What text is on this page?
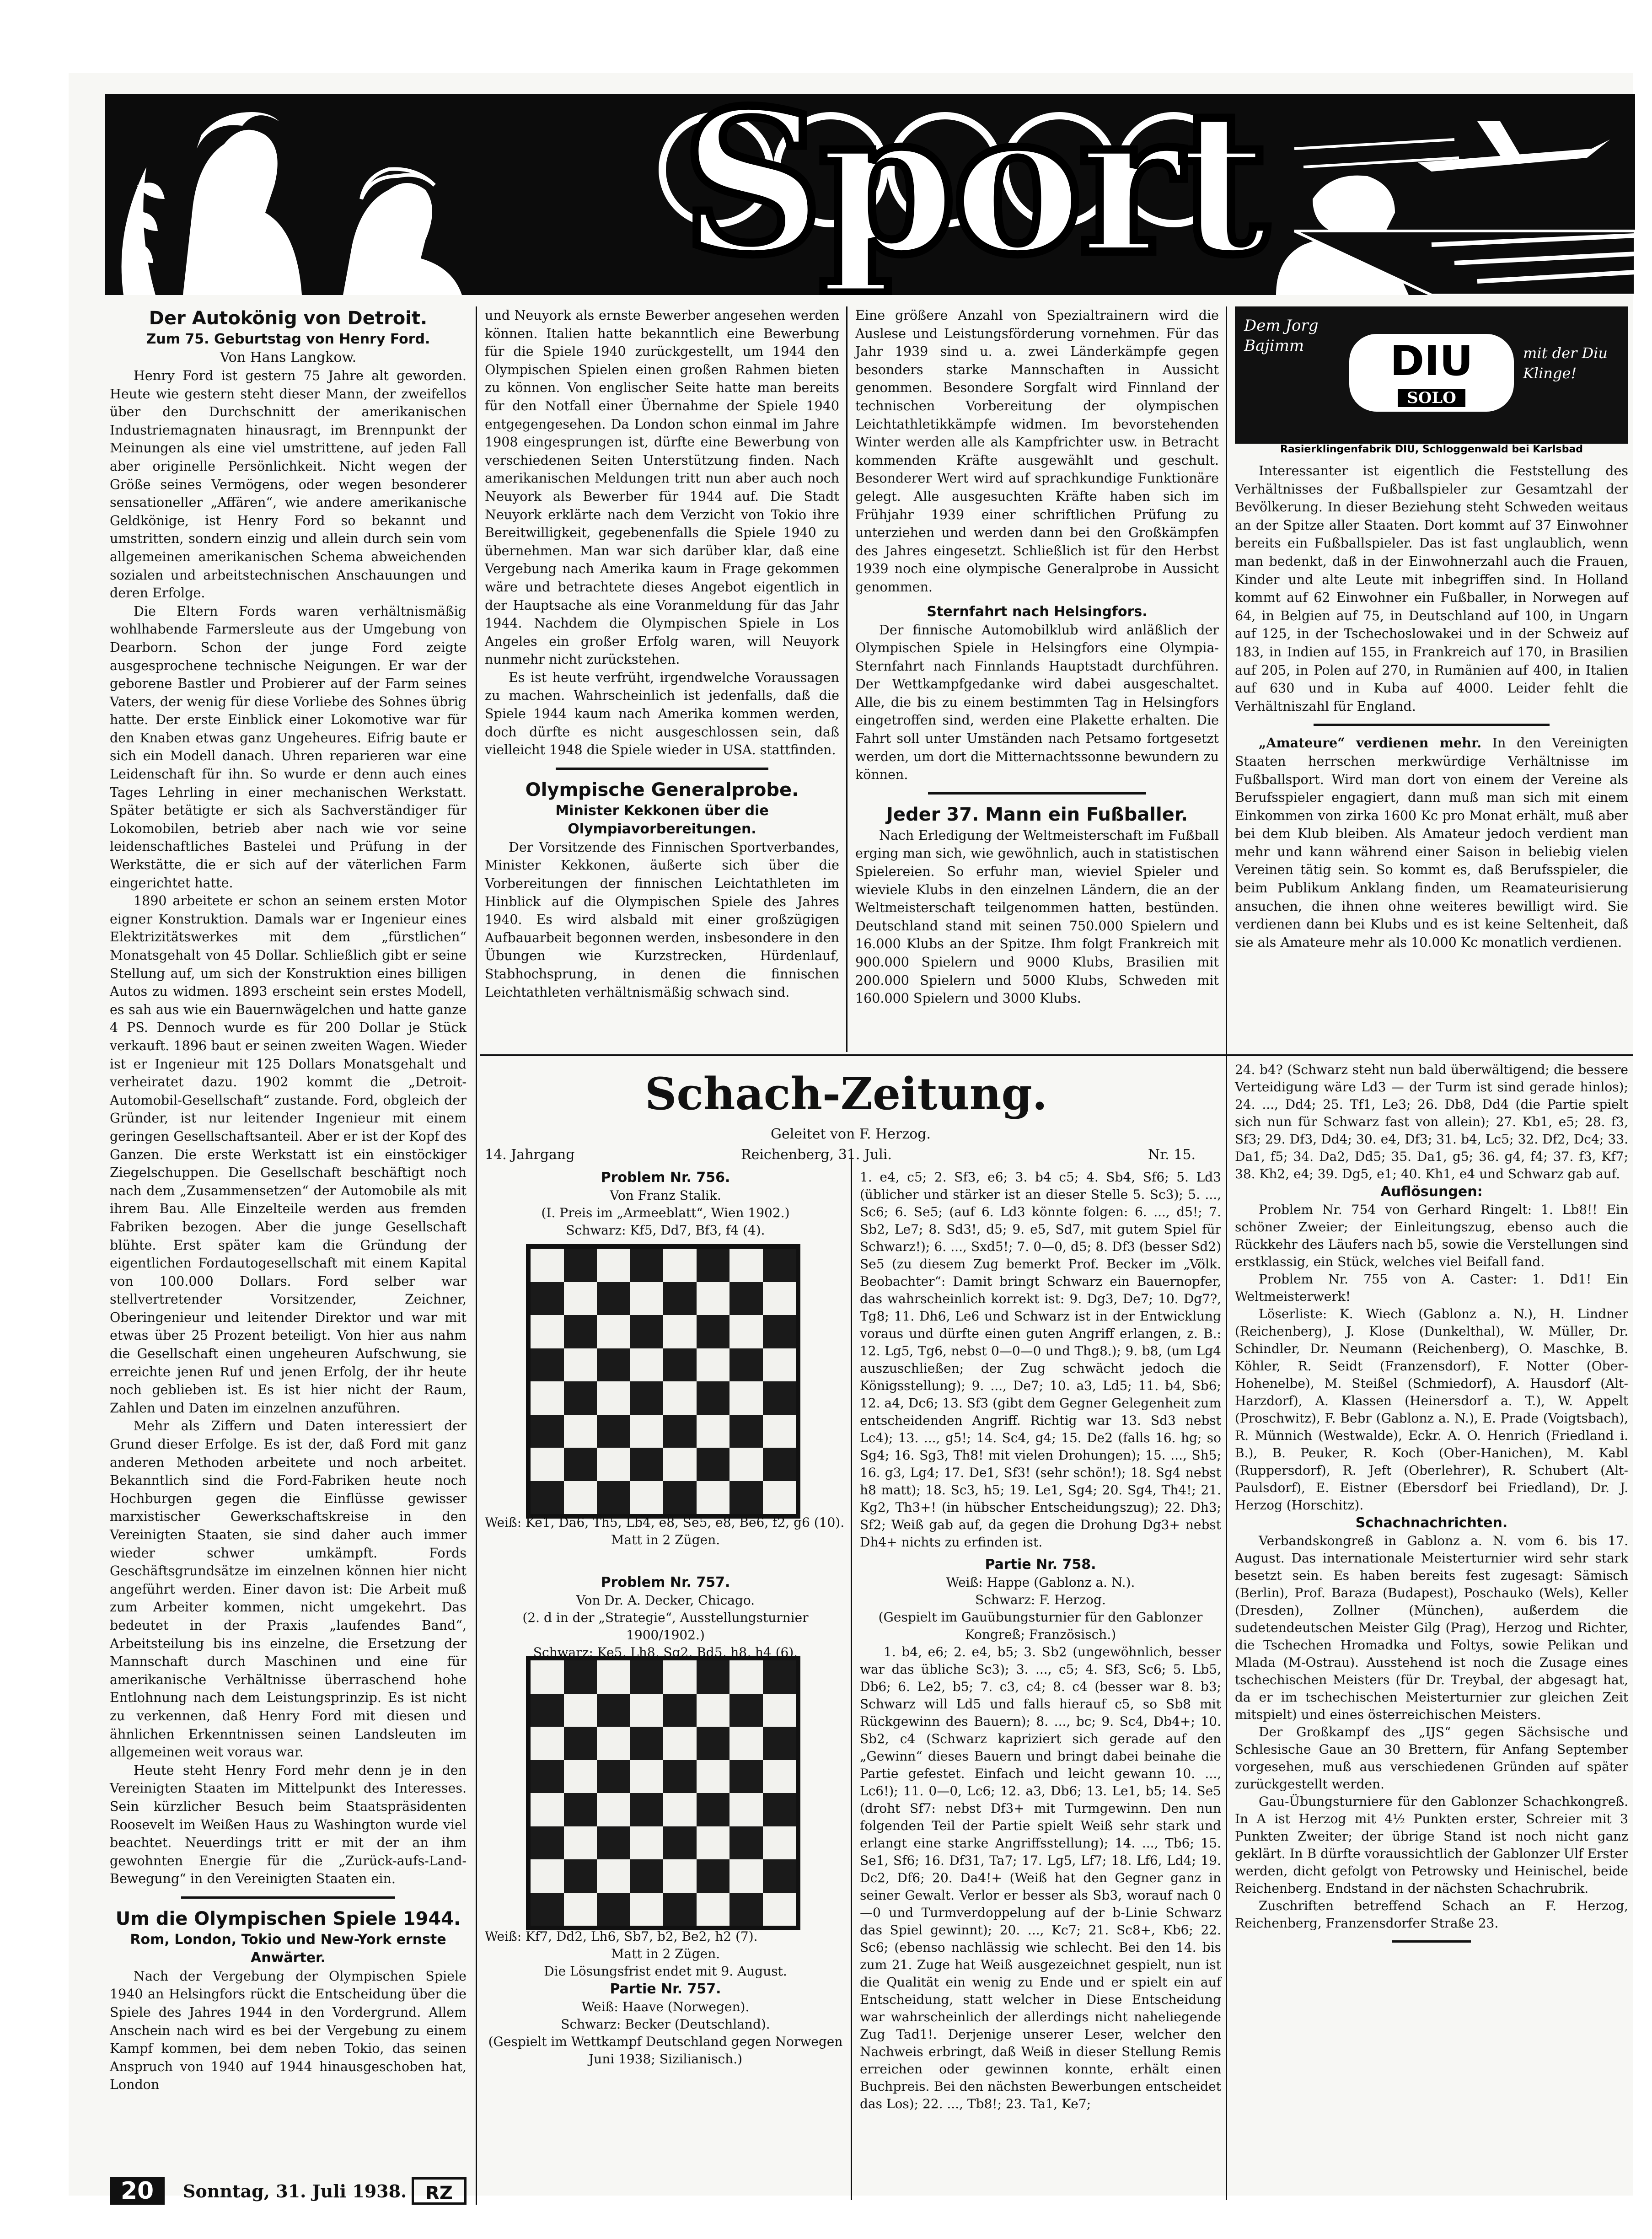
Sport

Der Autokönig von Detroit.

Zum 75. Geburtstag von Henry Ford.

Von Hans Langkow.

Henry Ford ist gestern 75 Jahre alt geworden. Heute wie gestern steht dieser Mann, der zweifellos über den Durchschnitt der amerikanischen Industriemagnaten hinausragt, im Brennpunkt der Meinungen als eine viel umstrittene, auf jeden Fall aber originelle Persönlichkeit. Nicht wegen der Größe seines Vermögens, oder wegen besonderer sensationeller „Affären“, wie andere amerikanische Geldkönige, ist Henry Ford so bekannt und umstritten, sondern einzig und allein durch sein vom allgemeinen amerikanischen Schema abweichenden sozialen und arbeitstechnischen Anschauungen und deren Erfolge.

Die Eltern Fords waren verhältnismäßig wohlhabende Farmersleute aus der Umgebung von Dearborn. Schon der junge Ford zeigte ausgesprochene technische Neigungen. Er war der geborene Bastler und Probierer auf der Farm seines Vaters, der wenig für diese Vorliebe des Sohnes übrig hatte. Der erste Einblick einer Lokomotive war für den Knaben etwas ganz Ungeheures. Eifrig baute er sich ein Modell danach. Uhren reparieren war eine Leidenschaft für ihn. So wurde er denn auch eines Tages Lehrling in einer mechanischen Werkstatt. Später betätigte er sich als Sachverständiger für Lokomobilen, betrieb aber nach wie vor seine leidenschaftliches Bastelei und Prüfung in der Werkstätte, die er sich auf der väterlichen Farm eingerichtet hatte.

1890 arbeitete er schon an seinem ersten Motor eigner Konstruktion. Damals war er Ingenieur eines Elektrizitätswerkes mit dem „fürstlichen“ Monatsgehalt von 45 Dollar. Schließlich gibt er seine Stellung auf, um sich der Konstruktion eines billigen Autos zu widmen. 1893 erscheint sein erstes Modell, es sah aus wie ein Bauernwägelchen und hatte ganze 4 PS. Dennoch wurde es für 200 Dollar je Stück verkauft. 1896 baut er seinen zweiten Wagen. Wieder ist er Ingenieur mit 125 Dollars Monatsgehalt und verheiratet dazu. 1902 kommt die „Detroit-Automobil-Gesellschaft“ zustande. Ford, obgleich der Gründer, ist nur leitender Ingenieur mit einem geringen Gesellschaftsanteil. Aber er ist der Kopf des Ganzen. Die erste Werkstatt ist ein einstöckiger Ziegelschuppen. Die Gesellschaft beschäftigt noch nach dem „Zusammensetzen“ der Automobile als mit ihrem Bau. Alle Einzelteile werden aus fremden Fabriken bezogen. Aber die junge Gesellschaft blühte. Erst später kam die Gründung der eigentlichen Fordautogesellschaft mit einem Kapital von 100.000 Dollars. Ford selber war stellvertretender Vorsitzender, Zeichner, Oberingenieur und leitender Direktor und war mit etwas über 25 Prozent beteiligt. Von hier aus nahm die Gesellschaft einen ungeheuren Aufschwung, sie erreichte jenen Ruf und jenen Erfolg, der ihr heute noch geblieben ist. Es ist hier nicht der Raum, Zahlen und Daten im einzelnen anzuführen.

Mehr als Ziffern und Daten interessiert der Grund dieser Erfolge. Es ist der, daß Ford mit ganz anderen Methoden arbeitete und noch arbeitet. Bekanntlich sind die Ford-Fabriken heute noch Hochburgen gegen die Einflüsse gewisser marxistischer Gewerkschaftskreise in den Vereinigten Staaten, sie sind daher auch immer wieder schwer umkämpft. Fords Geschäftsgrundsätze im einzelnen können hier nicht angeführt werden. Einer davon ist: Die Arbeit muß zum Arbeiter kommen, nicht umgekehrt. Das bedeutet in der Praxis „laufendes Band“, Arbeitsteilung bis ins einzelne, die Ersetzung der Mannschaft durch Maschinen und eine für amerikanische Verhältnisse überraschend hohe Entlohnung nach dem Leistungsprinzip. Es ist nicht zu verkennen, daß Henry Ford mit diesen und ähnlichen Erkenntnissen seinen Landsleuten im allgemeinen weit voraus war.

Heute steht Henry Ford mehr denn je in den Vereinigten Staaten im Mittelpunkt des Interesses. Sein kürzlicher Besuch beim Staatspräsidenten Roosevelt im Weißen Haus zu Washington wurde viel beachtet. Neuerdings tritt er mit der an ihm gewohnten Energie für die „Zurück-aufs-Land-Bewegung“ in den Vereinigten Staaten ein.

Um die Olympischen Spiele 1944.

Rom, London, Tokio und New-York ernste Anwärter.

Nach der Vergebung der Olympischen Spiele 1940 an Helsingfors rückt die Entscheidung über die Spiele des Jahres 1944 in den Vordergrund. Allem Anschein nach wird es bei der Vergebung zu einem Kampf kommen, bei dem neben Tokio, das seinen Anspruch von 1940 auf 1944 hinausgeschoben hat, London

und Neuyork als ernste Bewerber angesehen werden können. Italien hatte bekanntlich eine Bewerbung für die Spiele 1940 zurückgestellt, um 1944 den Olympischen Spielen einen großen Rahmen bieten zu können. Von englischer Seite hatte man bereits für den Notfall einer Übernahme der Spiele 1940 entgegengesehen. Da London schon einmal im Jahre 1908 eingesprungen ist, dürfte eine Bewerbung von verschiedenen Seiten Unterstützung finden. Nach amerikanischen Meldungen tritt nun aber auch noch Neuyork als Bewerber für 1944 auf. Die Stadt Neuyork erklärte nach dem Verzicht von Tokio ihre Bereitwilligkeit, gegebenenfalls die Spiele 1940 zu übernehmen. Man war sich darüber klar, daß eine Vergebung nach Amerika kaum in Frage gekommen wäre und betrachtete dieses Angebot eigentlich in der Hauptsache als eine Voranmeldung für das Jahr 1944. Nachdem die Olympischen Spiele in Los Angeles ein großer Erfolg waren, will Neuyork nunmehr nicht zurückstehen.

Es ist heute verfrüht, irgendwelche Voraussagen zu machen. Wahrscheinlich ist jedenfalls, daß die Spiele 1944 kaum nach Amerika kommen werden, doch dürfte es nicht ausgeschlossen sein, daß vielleicht 1948 die Spiele wieder in USA. stattfinden.

Olympische Generalprobe.

Minister Kekkonen über die Olympiavorbereitungen.

Der Vorsitzende des Finnischen Sportverbandes, Minister Kekkonen, äußerte sich über die Vorbereitungen der finnischen Leichtathleten im Hinblick auf die Olympischen Spiele des Jahres 1940. Es wird alsbald mit einer großzügigen Aufbauarbeit begonnen werden, insbesondere in den Übungen wie Kurzstrecken, Hürdenlauf, Stabhochsprung, in denen die finnischen Leichtathleten verhältnismäßig schwach sind.

Eine größere Anzahl von Spezialtrainern wird die Auslese und Leistungsförderung vornehmen. Für das Jahr 1939 sind u. a. zwei Länderkämpfe gegen besonders starke Mannschaften in Aussicht genommen. Besondere Sorgfalt wird Finnland der technischen Vorbereitung der olympischen Leichtathletikkämpfe widmen. Im bevorstehenden Winter werden alle als Kampfrichter usw. in Betracht kommenden Kräfte ausgewählt und geschult. Besonderer Wert wird auf sprachkundige Funktionäre gelegt. Alle ausgesuchten Kräfte haben sich im Frühjahr 1939 einer schriftlichen Prüfung zu unterziehen und werden dann bei den Großkämpfen des Jahres eingesetzt. Schließlich ist für den Herbst 1939 noch eine olympische Generalprobe in Aussicht genommen.

Sternfahrt nach Helsingfors.

Der finnische Automobilklub wird anläßlich der Olympischen Spiele in Helsingfors eine Olympia-Sternfahrt nach Finnlands Hauptstadt durchführen. Der Wettkampfgedanke wird dabei ausgeschaltet. Alle, die bis zu einem bestimmten Tag in Helsingfors eingetroffen sind, werden eine Plakette erhalten. Die Fahrt soll unter Umständen nach Petsamo fortgesetzt werden, um dort die Mitternachtssonne bewundern zu können.

Jeder 37. Mann ein Fußballer.

Nach Erledigung der Weltmeisterschaft im Fußball erging man sich, wie gewöhnlich, auch in statistischen Spielereien. So erfuhr man, wieviel Spieler und wieviele Klubs in den einzelnen Ländern, die an der Weltmeisterschaft teilgenommen hatten, bestünden. Deutschland stand mit seinen 750.000 Spielern und 16.000 Klubs an der Spitze. Ihm folgt Frankreich mit 900.000 Spielern und 9000 Klubs, Brasilien mit 200.000 Spielern und 5000 Klubs, Schweden mit 160.000 Spielern und 3000 Klubs.

Dem Jorg Bajimm	DIU
SOLO
mit der Diu Klinge!
Rasierklingenfabrik DIU, Schloggenwald bei Karlsbad

Interessanter ist eigentlich die Feststellung des Verhältnisses der Fußballspieler zur Gesamtzahl der Bevölkerung. In dieser Beziehung steht Schweden weitaus an der Spitze aller Staaten. Dort kommt auf 37 Einwohner bereits ein Fußballspieler. Das ist fast unglaublich, wenn man bedenkt, daß in der Einwohnerzahl auch die Frauen, Kinder und alte Leute mit inbegriffen sind. In Holland kommt auf 62 Einwohner ein Fußballer, in Norwegen auf 64, in Belgien auf 75, in Deutschland auf 100, in Ungarn auf 125, in der Tschechoslowakei und in der Schweiz auf 183, in Indien auf 155, in Frankreich auf 170, in Brasilien auf 205, in Polen auf 270, in Rumänien auf 400, in Italien auf 630 und in Kuba auf 4000. Leider fehlt die Verhältniszahl für England.

„Amateure“ verdienen mehr. In den Vereinigten Staaten herrschen merkwürdige Verhältnisse im Fußballsport. Wird man dort von einem der Vereine als Berufsspieler engagiert, dann muß man sich mit einem Einkommen von zirka 1600 Kc pro Monat erhält, muß aber bei dem Klub bleiben. Als Amateur jedoch verdient man mehr und kann während einer Saison in beliebig vielen Vereinen tätig sein. So kommt es, daß Berufsspieler, die beim Publikum Anklang finden, um Reamateurisierung ansuchen, die ihnen ohne weiteres bewilligt wird. Sie verdienen dann bei Klubs und es ist keine Seltenheit, daß sie als Amateure mehr als 10.000 Kc monatlich verdienen.

Schach-Zeitung.
Geleitet von F. Herzog.
14. Jahrgang	Reichenberg, 31. Juli.	Nr. 15.

Problem Nr. 756.

Von Franz Stalik.

(I. Preis im „Armeeblatt“, Wien 1902.)

Schwarz: Kf5, Dd7, Bf3, f4 (4).

Weiß: Ke1, Da6, Th5, Lb4, e8, Se5, e8, Be6, f2, g6 (10).

Matt in 2 Zügen.

Problem Nr. 757.

Von Dr. A. Decker, Chicago.

(2. d in der „Strategie“, Ausstellungsturnier 1900/1902.)

Schwarz: Ke5, Lh8, Sg2, Bd5, h8, h4 (6).

Weiß: Kf7, Dd2, Lh6, Sb7, b2, Be2, h2 (7).

Matt in 2 Zügen.

Die Lösungsfrist endet mit 9. August.

Partie Nr. 757.

Weiß: Haave (Norwegen).

Schwarz: Becker (Deutschland).

(Gespielt im Wettkampf Deutschland gegen Norwegen Juni 1938; Sizilianisch.)

1. e4, c5; 2. Sf3, e6; 3. b4 c5; 4. Sb4, Sf6; 5. Ld3 (üblicher und stärker ist an dieser Stelle 5. Sc3); 5. ..., Sc6; 6. Se5; (auf 6. Ld3 könnte folgen: 6. ..., d5!; 7. Sb2, Le7; 8. Sd3!, d5; 9. e5, Sd7, mit gutem Spiel für Schwarz!); 6. ..., Sxd5!; 7. 0—0, d5; 8. Df3 (besser Sd2) Se5 (zu diesem Zug bemerkt Prof. Becker im „Völk. Beobachter“: Damit bringt Schwarz ein Bauernopfer, das wahrscheinlich korrekt ist: 9. Dg3, De7; 10. Dg7?, Tg8; 11. Dh6, Le6 und Schwarz ist in der Entwicklung voraus und dürfte einen guten Angriff erlangen, z. B.: 12. Lg5, Tg6, nebst 0—0—0 und Thg8.); 9. b8, (um Lg4 auszuschließen; der Zug schwächt jedoch die Königsstellung); 9. ..., De7; 10. a3, Ld5; 11. b4, Sb6; 12. a4, Dc6; 13. Sf3 (gibt dem Gegner Gelegenheit zum entscheidenden Angriff. Richtig war 13. Sd3 nebst Lc4); 13. ..., g5!; 14. Sc4, g4; 15. De2 (falls 16. hg; so Sg4; 16. Sg3, Th8! mit vielen Drohungen); 15. ..., Sh5; 16. g3, Lg4; 17. De1, Sf3! (sehr schön!); 18. Sg4 nebst h8 matt); 18. Sc3, h5; 19. Le1, Sg4; 20. Sg4, Th4!; 21. Kg2, Th3+! (in hübscher Entscheidungszug); 22. Dh3; Sf2; Weiß gab auf, da gegen die Drohung Dg3+ nebst Dh4+ nichts zu erfinden ist.

Partie Nr. 758.

Weiß: Happe (Gablonz a. N.).

Schwarz: F. Herzog.

(Gespielt im Gauübungsturnier für den Gablonzer Kongreß; Französisch.)

1. b4, e6; 2. e4, b5; 3. Sb2 (ungewöhnlich, besser war das übliche Sc3); 3. ..., c5; 4. Sf3, Sc6; 5. Lb5, Db6; 6. Le2, b5; 7. c3, c4; 8. c4 (besser war 8. b3; Schwarz will Ld5 und falls hierauf c5, so Sb8 mit Rückgewinn des Bauern); 8. ..., bc; 9. Sc4, Db4+; 10. Sb2, c4 (Schwarz kapriziert sich gerade auf den „Gewinn“ dieses Bauern und bringt dabei beinahe die Partie gefestet. Einfach und leicht gewann 10. ..., Lc6!); 11. 0—0, Lc6; 12. a3, Db6; 13. Le1, b5; 14. Se5 (droht Sf7: nebst Df3+ mit Turmgewinn. Den nun folgenden Teil der Partie spielt Weiß sehr stark und erlangt eine starke Angriffsstellung); 14. ..., Tb6; 15. Se1, Sf6; 16. Df31, Ta7; 17. Lg5, Lf7; 18. Lf6, Ld4; 19. Dc2, Df6; 20. Da4!+ (Weiß hat den Gegner ganz in seiner Gewalt. Verlor er besser als Sb3, worauf nach 0—0 und Turmverdoppelung auf der b-Linie Schwarz das Spiel gewinnt); 20. ..., Kc7; 21. Sc8+, Kb6; 22. Sc6; (ebenso nachlässig wie schlecht. Bei den 14. bis zum 21. Zuge hat Weiß ausgezeichnet gespielt, nun ist die Qualität ein wenig zu Ende und er spielt ein auf Entscheidung, statt welcher in Diese Entscheidung war wahrscheinlich der allerdings nicht naheliegende Zug Tad1!. Derjenige unserer Leser, welcher den Nachweis erbringt, daß Weiß in dieser Stellung Remis erreichen oder gewinnen konnte, erhält einen Buchpreis. Bei den nächsten Bewerbungen entscheidet das Los); 22. ..., Tb8!; 23. Ta1, Ke7;

24. b4? (Schwarz steht nun bald überwältigend; die bessere Verteidigung wäre Ld3 — der Turm ist sind gerade hinlos); 24. ..., Dd4; 25. Tf1, Le3; 26. Db8, Dd4 (die Partie spielt sich nun für Schwarz fast von allein); 27. Kb1, e5; 28. f3, Sf3; 29. Df3, Dd4; 30. e4, Df3; 31. b4, Lc5; 32. Df2, Dc4; 33. Da1, f5; 34. Da2, Dd5; 35. Da1, g5; 36. g4, f4; 37. f3, Kf7; 38. Kh2, e4; 39. Dg5, e1; 40. Kh1, e4 und Schwarz gab auf.

Auflösungen:

Problem Nr. 754 von Gerhard Ringelt: 1. Lb8!! Ein schöner Zweier; der Einleitungszug, ebenso auch die Rückkehr des Läufers nach b5, sowie die Verstellungen sind erstklassig, ein Stück, welches viel Beifall fand.

Problem Nr. 755 von A. Caster: 1. Dd1! Ein Weltmeisterwerk!

Löserliste: K. Wiech (Gablonz a. N.), H. Lindner (Reichenberg), J. Klose (Dunkelthal), W. Müller, Dr. Schindler, Dr. Neumann (Reichenberg), O. Maschke, B. Köhler, R. Seidt (Franzensdorf), F. Notter (Ober-Hohenelbe), M. Steißel (Schmiedorf), A. Hausdorf (Alt-Harzdorf), A. Klassen (Heinersdorf a. T.), W. Appelt (Proschwitz), F. Bebr (Gablonz a. N.), E. Prade (Voigtsbach), R. Münnich (Westwalde), Eckr. A. O. Henrich (Friedland i. B.), B. Peuker, R. Koch (Ober-Hanichen), M. Kabl (Ruppersdorf), R. Jeft (Oberlehrer), R. Schubert (Alt-Paulsdorf), E. Eistner (Ebersdorf bei Friedland), Dr. J. Herzog (Horschitz).

Schachnachrichten.

Verbandskongreß in Gablonz a. N. vom 6. bis 17. August. Das internationale Meisterturnier wird sehr stark besetzt sein. Es haben bereits fest zugesagt: Sämisch (Berlin), Prof. Baraza (Budapest), Poschauko (Wels), Keller (Dresden), Zollner (München), außerdem die sudetendeutschen Meister Gilg (Prag), Herzog und Richter, die Tschechen Hromadka und Foltys, sowie Pelikan und Mlada (M-Ostrau). Ausstehend ist noch die Zusage eines tschechischen Meisters (für Dr. Treybal, der abgesagt hat, da er im tschechischen Meisterturnier zur gleichen Zeit mitspielt) und eines österreichischen Meisters.

Der Großkampf des „IJS“ gegen Sächsische und Schlesische Gaue an 30 Brettern, für Anfang September vorgesehen, muß aus verschiedenen Gründen auf später zurückgestellt werden.

Gau-Übungsturniere für den Gablonzer Schachkongreß. In A ist Herzog mit 4½ Punkten erster, Schreier mit 3 Punkten Zweiter; der übrige Stand ist noch nicht ganz geklärt. In B dürfte voraussichtlich der Gablonzer Ulf Erster werden, dicht gefolgt von Petrowsky und Heinischel, beide Reichenberg. Endstand in der nächsten Schachrubrik.

Zuschriften betreffend Schach an F. Herzog, Reichenberg, Franzensdorfer Straße 23.

20	Sonntag, 31. Juli 1938.	RZ
